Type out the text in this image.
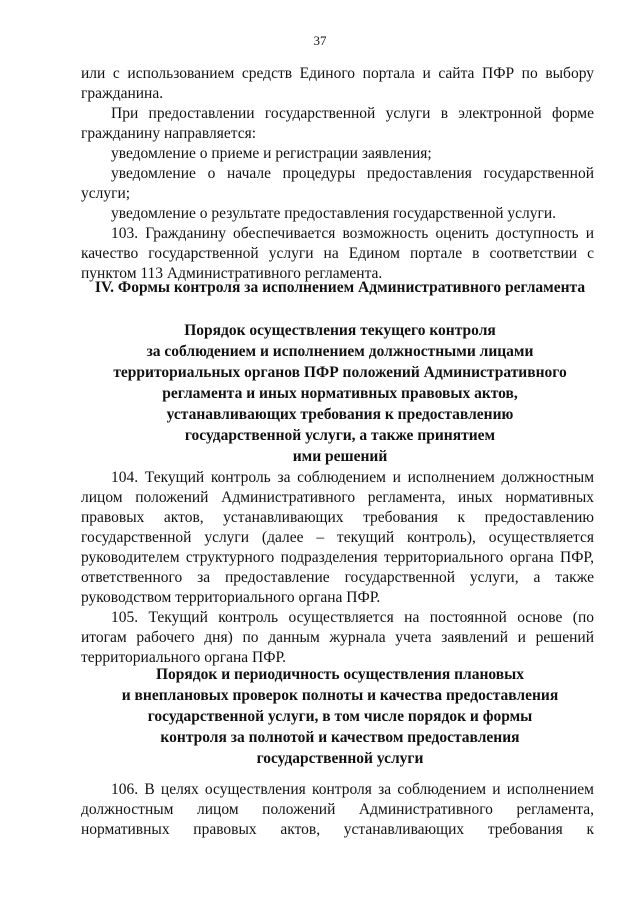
37

или с использованием средств Единого портала и сайта ПФР по выбору гражданина.

При предоставлении государственной услуги в электронной форме гражданину направляется:

уведомление о приеме и регистрации заявления;

уведомление о начале процедуры предоставления государственной услуги;

уведомление о результате предоставления государственной услуги.

103. Гражданину обеспечивается возможность оценить доступность и качество государственной услуги на Едином портале в соответствии с пунктом 113 Административного регламента.

IV. Формы контроля за исполнением Административного регламента

Порядок осуществления текущего контроля

за соблюдением и исполнением должностными лицами

территориальных органов ПФР положений Административного

регламента и иных нормативных правовых актов,

устанавливающих требования к предоставлению

государственной услуги, а также принятием

ими решений

104. Текущий контроль за соблюдением и исполнением должностным лицом положений Административного регламента, иных нормативных правовых актов, устанавливающих требования к предоставлению государственной услуги (далее – текущий контроль), осуществляется руководителем структурного подразделения территориального органа ПФР, ответственного за предоставление государственной услуги, а также руководством территориального органа ПФР.

105. Текущий контроль осуществляется на постоянной основе (по итогам рабочего дня) по данным журнала учета заявлений и решений территориального органа ПФР.

Порядок и периодичность осуществления плановых

и внеплановых проверок полноты и качества предоставления

государственной услуги, в том числе порядок и формы

контроля за полнотой и качеством предоставления

государственной услуги

106. В целях осуществления контроля за соблюдением и исполнением должностным лицом положений Административного регламента, нормативных правовых актов, устанавливающих требования к
